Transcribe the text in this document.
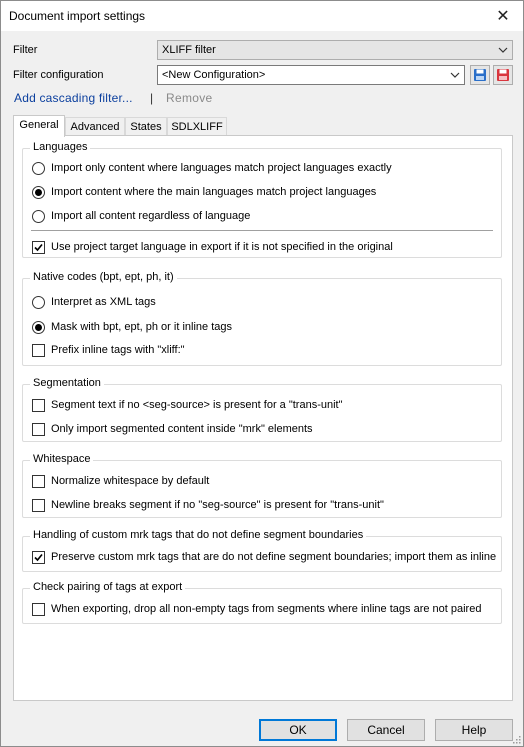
Document import settings	✕
Filter	XLIFF filter
Filter configuration	<New Configuration>
Add cascading filter... | Remove
General	Advanced States SDLXLIFF
Languages
Import only content where languages match project languages exactly
Import content where the main languages match project languages
Import all content regardless of language
Use project target language in export if it is not specified in the original
Native codes (bpt, ept, ph, it)
Interpret as XML tags
Mask with bpt, ept, ph or it inline tags
Prefix inline tags with "xliff:"
Segmentation
Segment text if no <seg-source> is present for a "trans-unit"
Only import segmented content inside "mrk" elements
Whitespace
Normalize whitespace by default
Newline breaks segment if no "seg-source" is present for "trans-unit"
Handling of custom mrk tags that do not define segment boundaries
Preserve custom mrk tags that are do not define segment boundaries; import them as inline
Check pairing of tags at export
When exporting, drop all non-empty tags from segments where inline tags are not paired
OK	Cancel	Help
